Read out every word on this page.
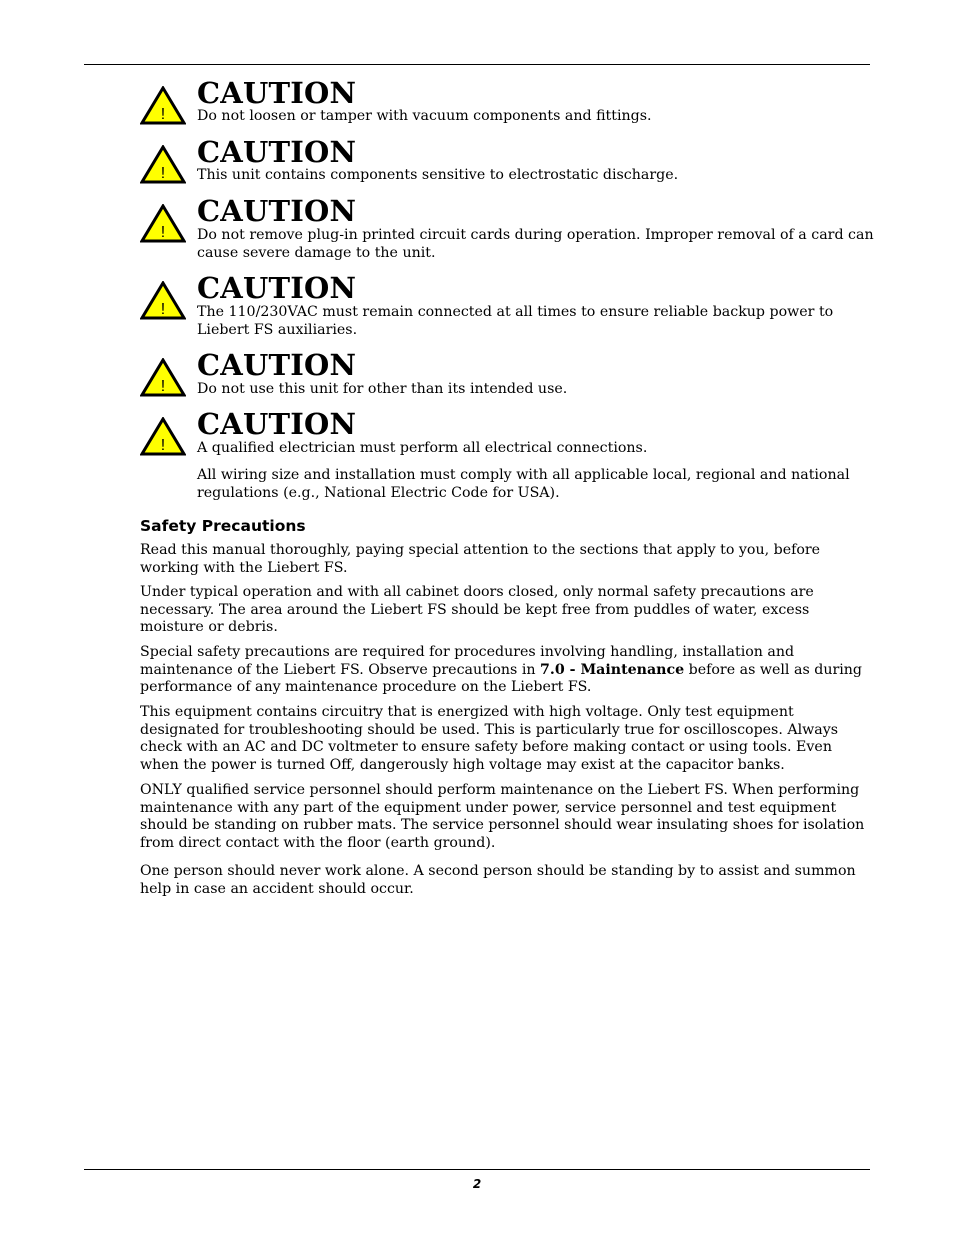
!
CAUTION
Do not loosen or tamper with vacuum components and fittings.
!
CAUTION
This unit contains components sensitive to electrostatic discharge.
!
CAUTION
Do not remove plug-in printed circuit cards during operation. Improper removal of a card can cause severe damage to the unit.
!
CAUTION
The 110/230VAC must remain connected at all times to ensure reliable backup power to Liebert FS auxiliaries.
!
CAUTION
Do not use this unit for other than its intended use.
!
CAUTION
A qualified electrician must perform all electrical connections.
All wiring size and installation must comply with all applicable local, regional and national regulations (e.g., National Electric Code for USA).
Safety Precautions
Read this manual thoroughly, paying special attention to the sections that apply to you, before working with the Liebert FS.
Under typical operation and with all cabinet doors closed, only normal safety precautions are necessary. The area around the Liebert FS should be kept free from puddles of water, excess moisture or debris.
Special safety precautions are required for procedures involving handling, installation and maintenance of the Liebert FS. Observe precautions in 7.0 - Maintenance before as well as during performance of any maintenance procedure on the Liebert FS.
This equipment contains circuitry that is energized with high voltage. Only test equipment designated for troubleshooting should be used. This is particularly true for oscilloscopes. Always check with an AC and DC voltmeter to ensure safety before making contact or using tools. Even when the power is turned Off, dangerously high voltage may exist at the capacitor banks.
ONLY qualified service personnel should perform maintenance on the Liebert FS. When performing maintenance with any part of the equipment under power, service personnel and test equipment should be standing on rubber mats. The service personnel should wear insulating shoes for isolation from direct contact with the floor (earth ground).
One person should never work alone. A second person should be standing by to assist and summon help in case an accident should occur.
2
